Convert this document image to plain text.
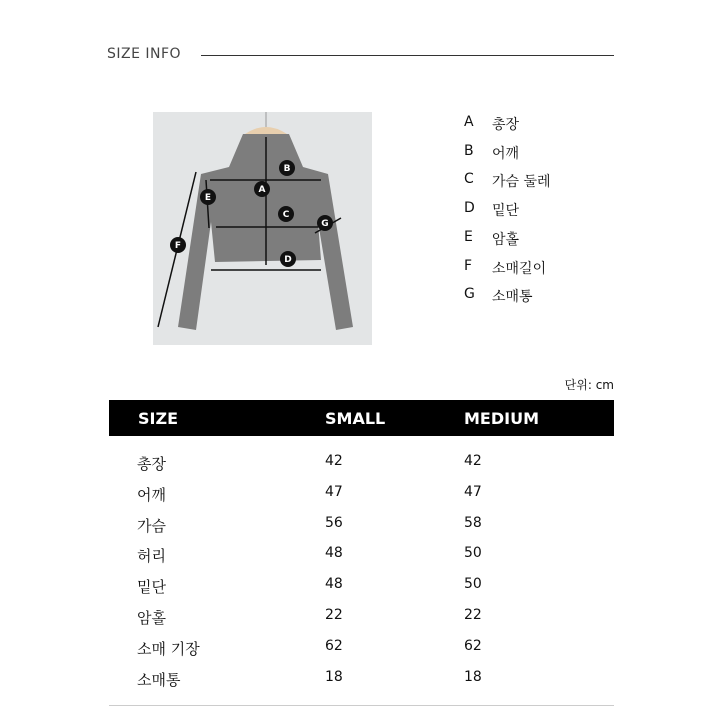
SIZE INFO
A
B
C
D
E
F
G
A	총장
B	어깨
C	가슴 둘레
D 밑단
E	암홀
F	소매길이
G 소매통
단위: cm
SIZE	SMALL	MEDIUM
총장	42	42
어깨	47	47
가슴	56	58
허리	48	50
밑단	48	50
암홀	22	22
소매 기장	62	62
소매통	18	18
